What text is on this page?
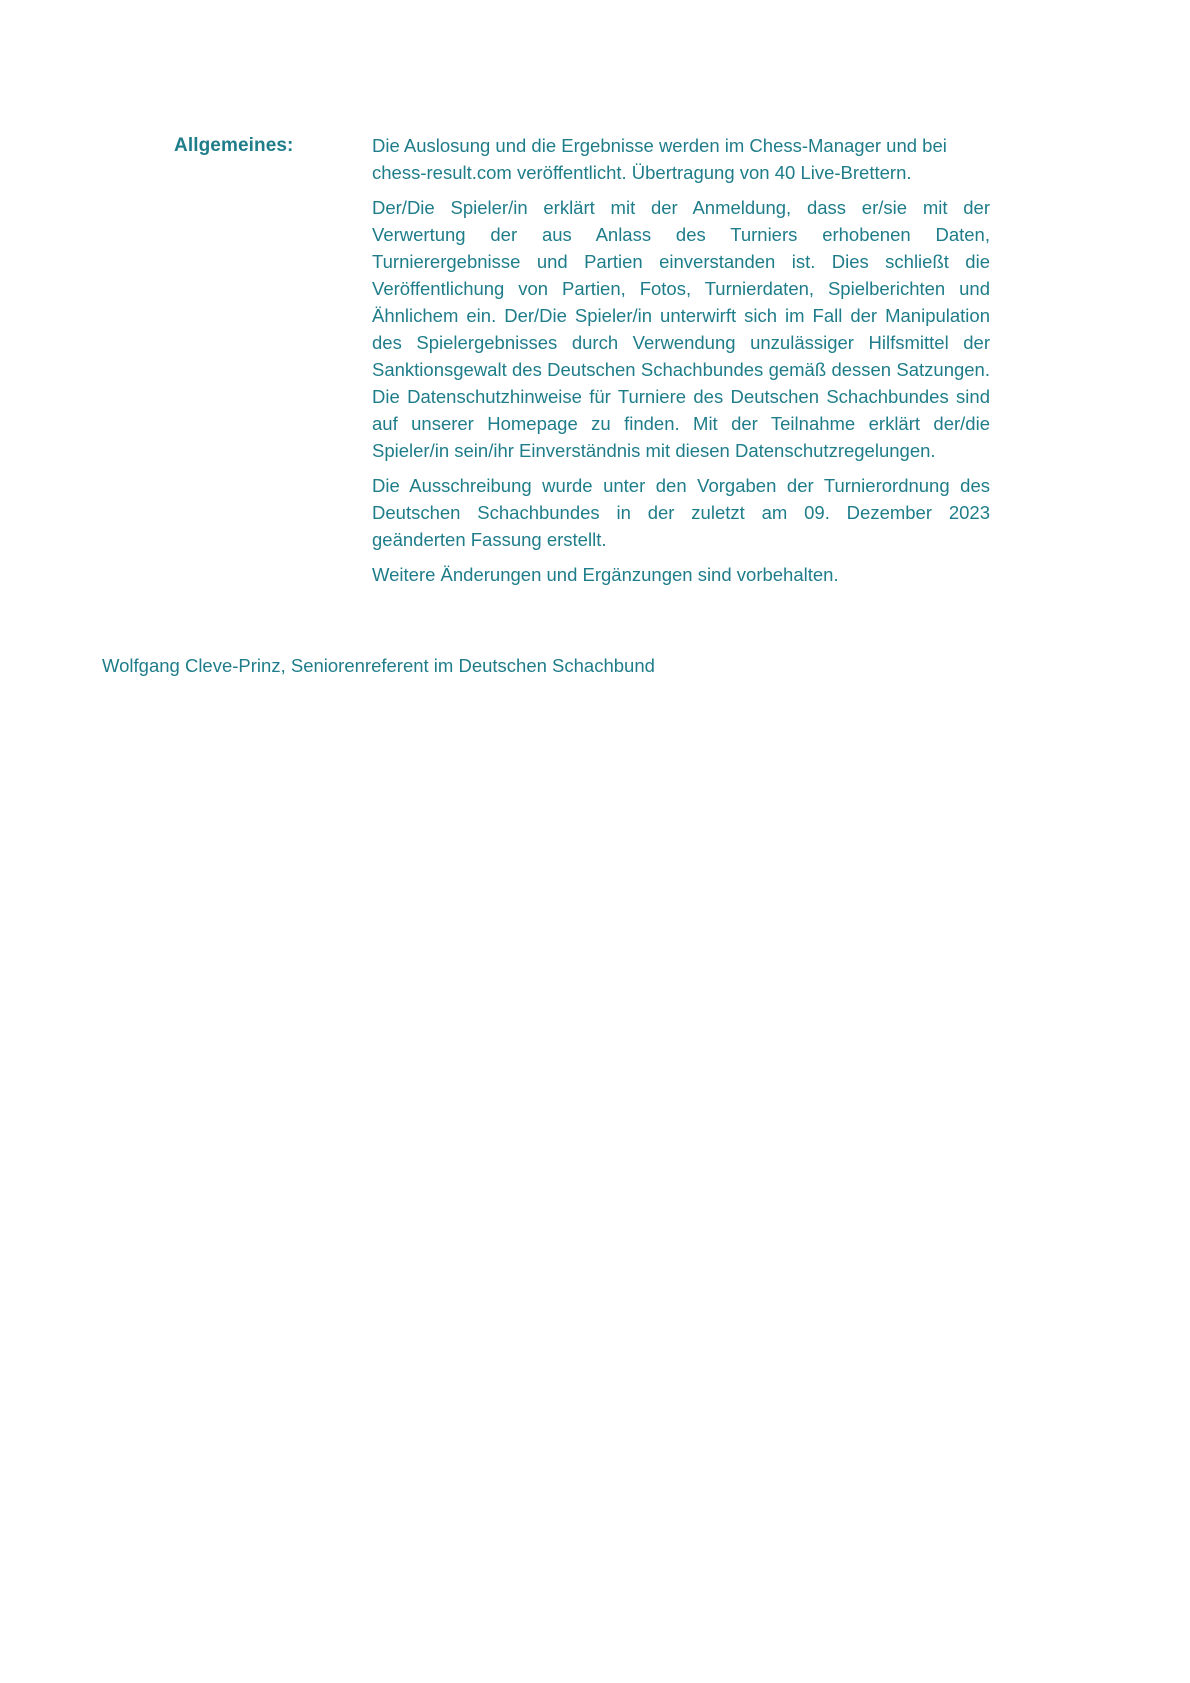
Allgemeines:	Die Auslosung und die Ergebnisse werden im Chess-Manager und bei chess-result.com veröffentlicht. Übertragung von 40 Live-Brettern.

Der/Die Spieler/in erklärt mit der Anmeldung, dass er/sie mit der Verwertung der aus Anlass des Turniers erhobenen Daten, Turnierergebnisse und Partien einverstanden ist. Dies schließt die Veröffentlichung von Partien, Fotos, Turnierdaten, Spielberichten und Ähnlichem ein. Der/Die Spieler/in unterwirft sich im Fall der Manipulation des Spielergebnisses durch Verwendung unzulässiger Hilfsmittel der Sanktionsgewalt des Deutschen Schachbundes gemäß dessen Satzungen. Die Datenschutzhinweise für Turniere des Deutschen Schachbundes sind auf unserer Homepage zu finden. Mit der Teilnahme erklärt der/die Spieler/in sein/ihr Einverständnis mit diesen Datenschutzregelungen.

Die Ausschreibung wurde unter den Vorgaben der Turnierordnung des Deutschen Schachbundes in der zuletzt am 09. Dezember 2023 geänderten Fassung erstellt.

Weitere Änderungen und Ergänzungen sind vorbehalten.

Wolfgang Cleve-Prinz, Seniorenreferent im Deutschen Schachbund
